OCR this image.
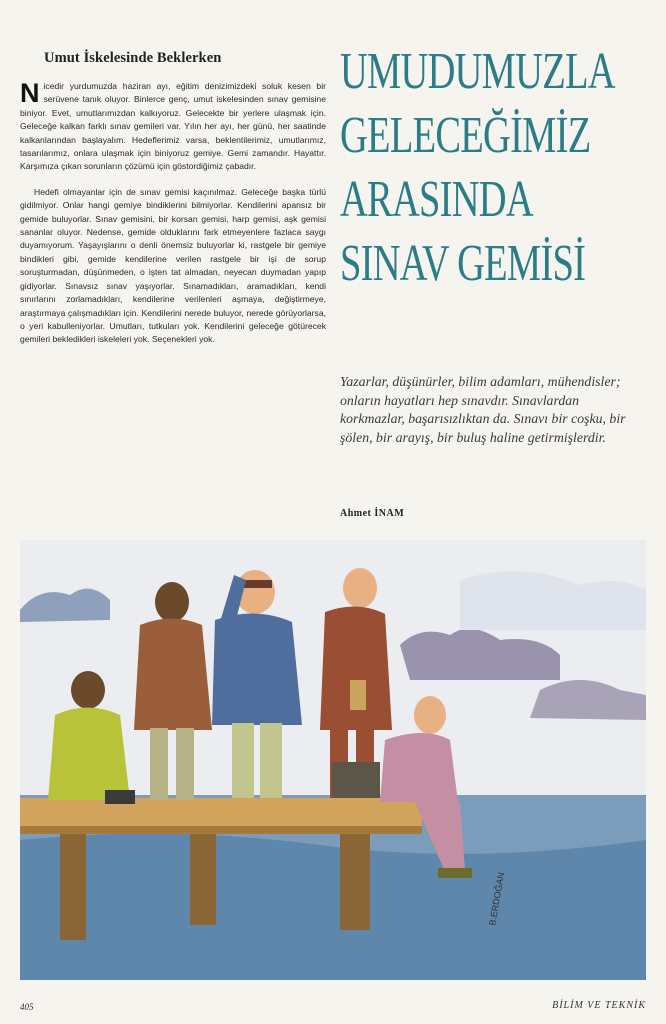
Umut İskelesinde Beklerken

Nicedir yurdumuzda haziran ayı, eğitim denizimizdeki soluk kesen bir serüvene tanık oluyor. Binlerce genç, umut iskelesinden sınav gemisine biniyor. Evet, umutlarımızdan kalkıyoruz. Gelecekte bir yerlere ulaşmak için. Geleceğe kalkan farklı sınav gemileri var. Yılın her ayı, her günü, her saatinde kalkanlarından başlayalım. Hedeflerimiz varsa, beklentilerimiz, umutlarımız, tasarılarımız, onlara ulaşmak için biniyoruz gemiye. Gemi zamandır. Hayattır. Karşımıza çıkan sorunların çözümü için göstordiğimiz çabadır.

Hedefi olmayanlar için de sınav gemisi kaçınılmaz. Geleceğe başka türlü gidilmiyor. Onlar hangi gemiye bindiklerini bilmiyorlar. Kendilerini apansız bir gemide buluyorlar. Sınav gemisini, bir korsan gemisi, harp gemisi, aşk gemisi sananlar oluyor. Nedense, gemide olduklarını fark etmeyenlere fazlaca saygı duyamıyorum. Yaşayışlarını o denli önemsiz buluyorlar ki, rastgele bir gemiye bindikleri gibi, gemide kendilerine verilen rastgele bir işi de sorup soruşturmadan, düşünmeden, o işten tat almadan, neyecan duymadan yapıp gidiyorlar. Sınavsız sınav yaşıyorlar. Sınamadıkları, aramadıkları, kendi sınırlarını zorlamadıkları, kendilerine verilenleri aşmaya, değiştirmeye, araştırmaya çalışmadıkları için. Kendilerini nerede buluyor, nerede görüyorlarsa, o yeri kabulleniyorlar. Umutları, tutkuları yok. Kendilerini geleceğe götürecek gemileri bekledikleri iskeleleri yok. Seçenekleri yok.

UMUDUMUZLA
GELECEĞİMİZ
ARASINDA
SINAV GEMİSİ
Yazarlar, düşünürler, bilim adamları, mühendisler; onların hayatları hep sınavdır. Sınavlardan korkmazlar, başarısızlıktan da. Sınavı bir coşku, bir şölen, bir arayış, bir buluş haline getirmişlerdir.
Ahmet İNAM
B.ERDOĞAN
405	BİLİM VE TEKNİK
